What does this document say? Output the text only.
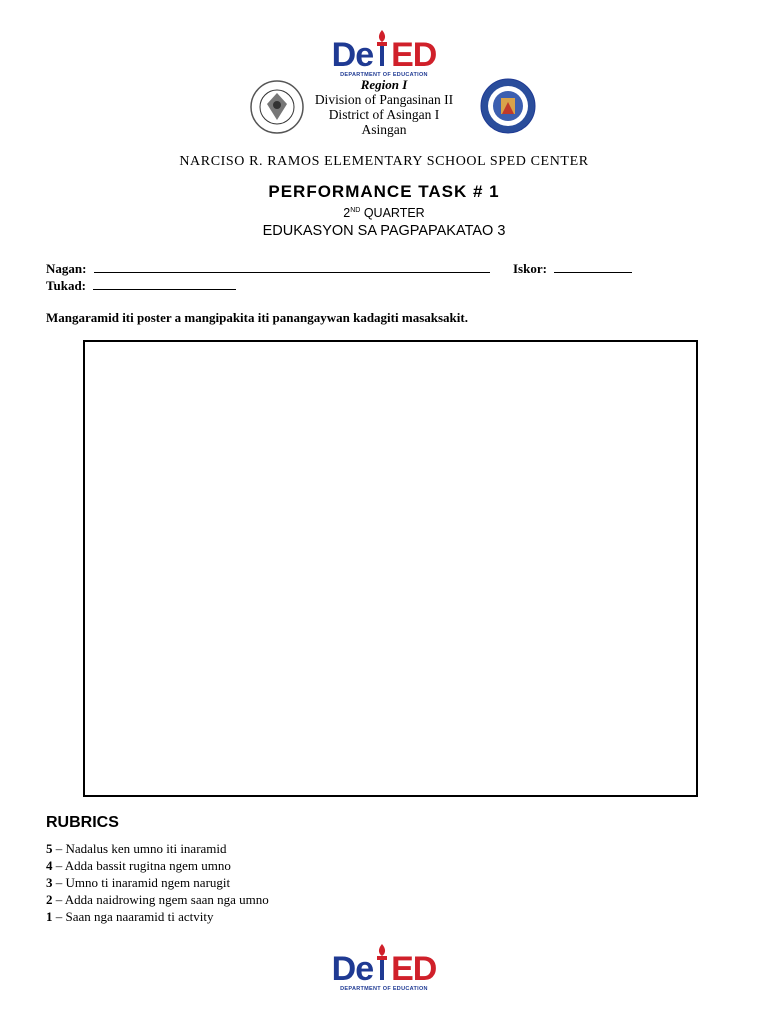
De ED
DEPARTMENT OF EDUCATION
Region I
Division of Pangasinan II
District of Asingan I
Asingan
NARCISO R. RAMOS ELEMENTARY SCHOOL SPED CENTER
PERFORMANCE TASK # 1
2ND QUARTER
EDUKASYON SA PAGPAPAKATAO 3
Nagan:	Iskor:
Tukad:
Mangaramid iti poster a mangipakita iti panangaywan kadagiti masaksakit.
RUBRICS
5 – Nadalus ken umno iti inaramid
4 – Adda bassit rugitna ngem umno
3 – Umno ti inaramid ngem narugit
2 – Adda naidrowing ngem saan nga umno
1 – Saan nga naaramid ti actvity
De ED
DEPARTMENT OF EDUCATION
